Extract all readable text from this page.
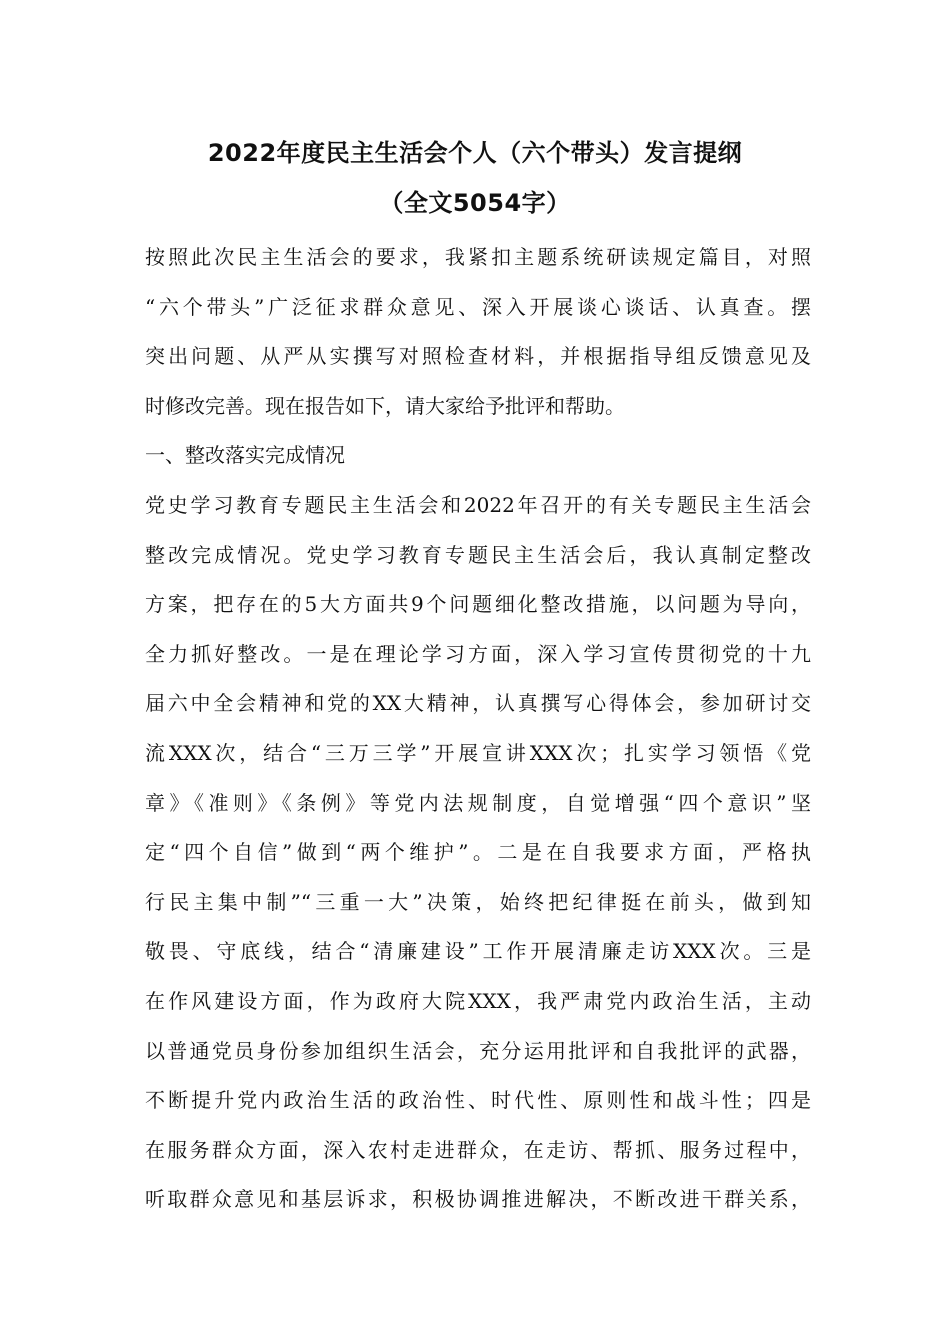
2022年度民主生活会个人（六个带头）发言提纲
（全文5054字）
按照此次民主生活会的要求，我紧扣主题系统研读规定篇目，对照
“六个带头”广泛征求群众意见、深入开展谈心谈话、认真查。摆
突出问题、从严从实撰写对照检查材料，并根据指导组反馈意见及
时修改完善。现在报告如下，请大家给予批评和帮助。
一、整改落实完成情况
党史学习教育专题民主生活会和2022年召开的有关专题民主生活会
整改完成情况。党史学习教育专题民主生活会后，我认真制定整改
方案，把存在的5大方面共9个问题细化整改措施，以问题为导向，
全力抓好整改。一是在理论学习方面，深入学习宣传贯彻党的十九
届六中全会精神和党的XX大精神，认真撰写心得体会，参加研讨交
流XXX次，结合“三万三学”开展宣讲XXX次；扎实学习领悟《党
章》《准则》《条例》等党内法规制度，自觉增强“四个意识”坚
定“四个自信”做到“两个维护”。二是在自我要求方面，严格执
行民主集中制”“三重一大”决策，始终把纪律挺在前头，做到知
敬畏、守底线，结合“清廉建设”工作开展清廉走访XXX次。三是
在作风建设方面，作为政府大院XXX，我严肃党内政治生活，主动
以普通党员身份参加组织生活会，充分运用批评和自我批评的武器，
不断提升党内政治生活的政治性、时代性、原则性和战斗性；四是
在服务群众方面，深入农村走进群众，在走访、帮抓、服务过程中，
听取群众意见和基层诉求，积极协调推进解决，不断改进干群关系，
